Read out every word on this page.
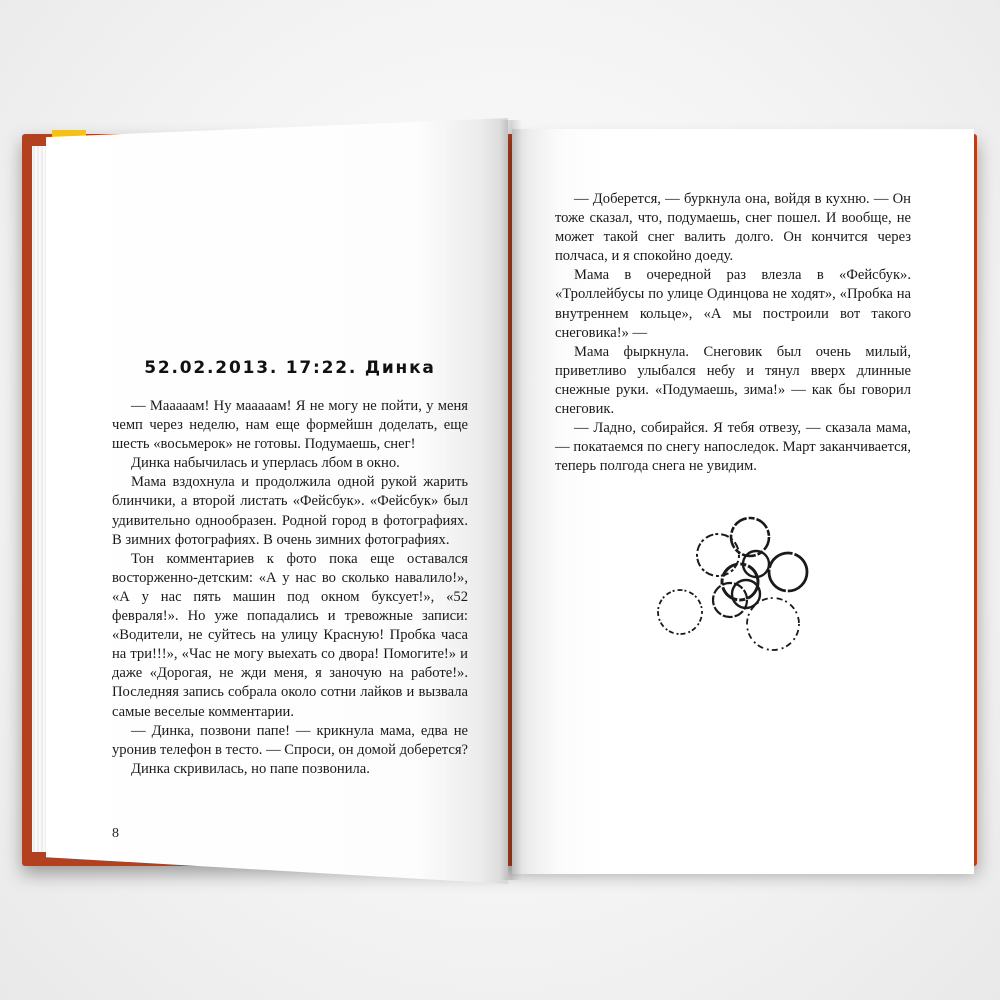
52.02.2013. 17:22. Динка

— Мааааам! Ну мааааам! Я не могу не пойти, у меня чемп через неделю, нам еще формейшн доделать, еще шесть «восьмерок» не готовы. Подумаешь, снег!

Динка набычилась и уперлась лбом в окно.

Мама вздохнула и продолжила одной рукой жарить блинчики, а второй листать «Фейсбук». «Фейсбук» был удивительно однообразен. Родной город в фотографиях. В зимних фотографиях. В очень зимних фотографиях.

Тон комментариев к фото пока еще оставался восторженно-детским: «А у нас во сколько навалило!», «А у нас пять машин под окном буксует!», «52 февраля!». Но уже попадались и тревожные записи: «Водители, не суйтесь на улицу Красную! Пробка часа на три!!!», «Час не могу выехать со двора! Помогите!» и даже «Дорогая, не жди меня, я заночую на работе!». Последняя запись собрала около сотни лайков и вызвала самые веселые комментарии.

— Динка, позвони папе! — крикнула мама, едва не уронив телефон в тесто. — Спроси, он домой доберется?

Динка скривилась, но папе позвонила.

8

— Доберется, — буркнула она, войдя в кухню. — Он тоже сказал, что, подумаешь, снег пошел. И вообще, не может такой снег валить долго. Он кончится через полчаса, и я спокойно доеду.

Мама в очередной раз влезла в «Фейсбук». «Троллейбусы по улице Одинцова не ходят», «Пробка на внутреннем кольце», «А мы построили вот такого снеговика!» —

Мама фыркнула. Снеговик был очень милый, приветливо улыбался небу и тянул вверх длинные снежные руки. «Подумаешь, зима!» — как бы говорил снеговик.

— Ладно, собирайся. Я тебя отвезу, — сказала мама, — покатаемся по снегу напоследок. Март заканчивается, теперь полгода снега не увидим.
